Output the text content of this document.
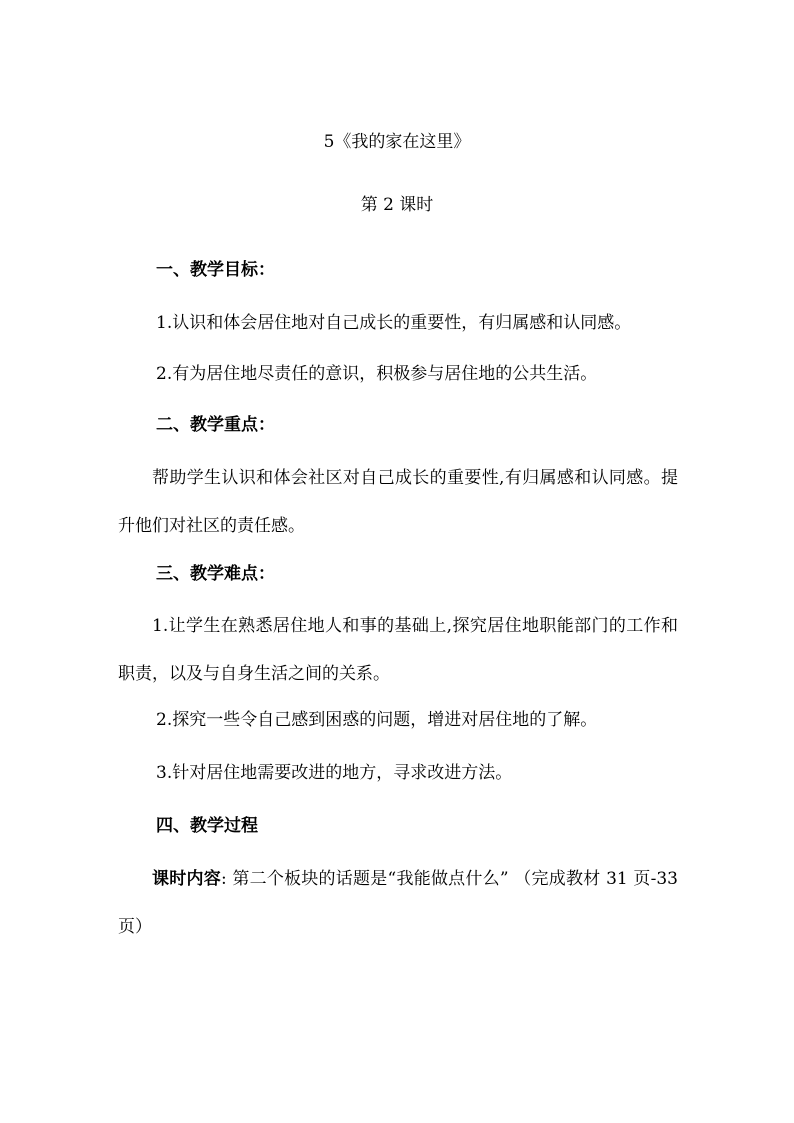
5《我的家在这里》

第 2 课时

一、教学目标：

1.认识和体会居住地对自己成长的重要性，有归属感和认同感。

2.有为居住地尽责任的意识，积极参与居住地的公共生活。

二、教学重点：

帮助学生认识和体会社区对自己成长的重要性,有归属感和认同感。提升他们对社区的责任感。

三、教学难点：

1.让学生在熟悉居住地人和事的基础上,探究居住地职能部门的工作和职责，以及与自身生活之间的关系。

2.探究一些令自己感到困惑的问题，增进对居住地的了解。

3.针对居住地需要改进的地方，寻求改进方法。

四、教学过程

课时内容: 第二个板块的话题是“我能做点什么” （完成教材 31 页-33 页）
